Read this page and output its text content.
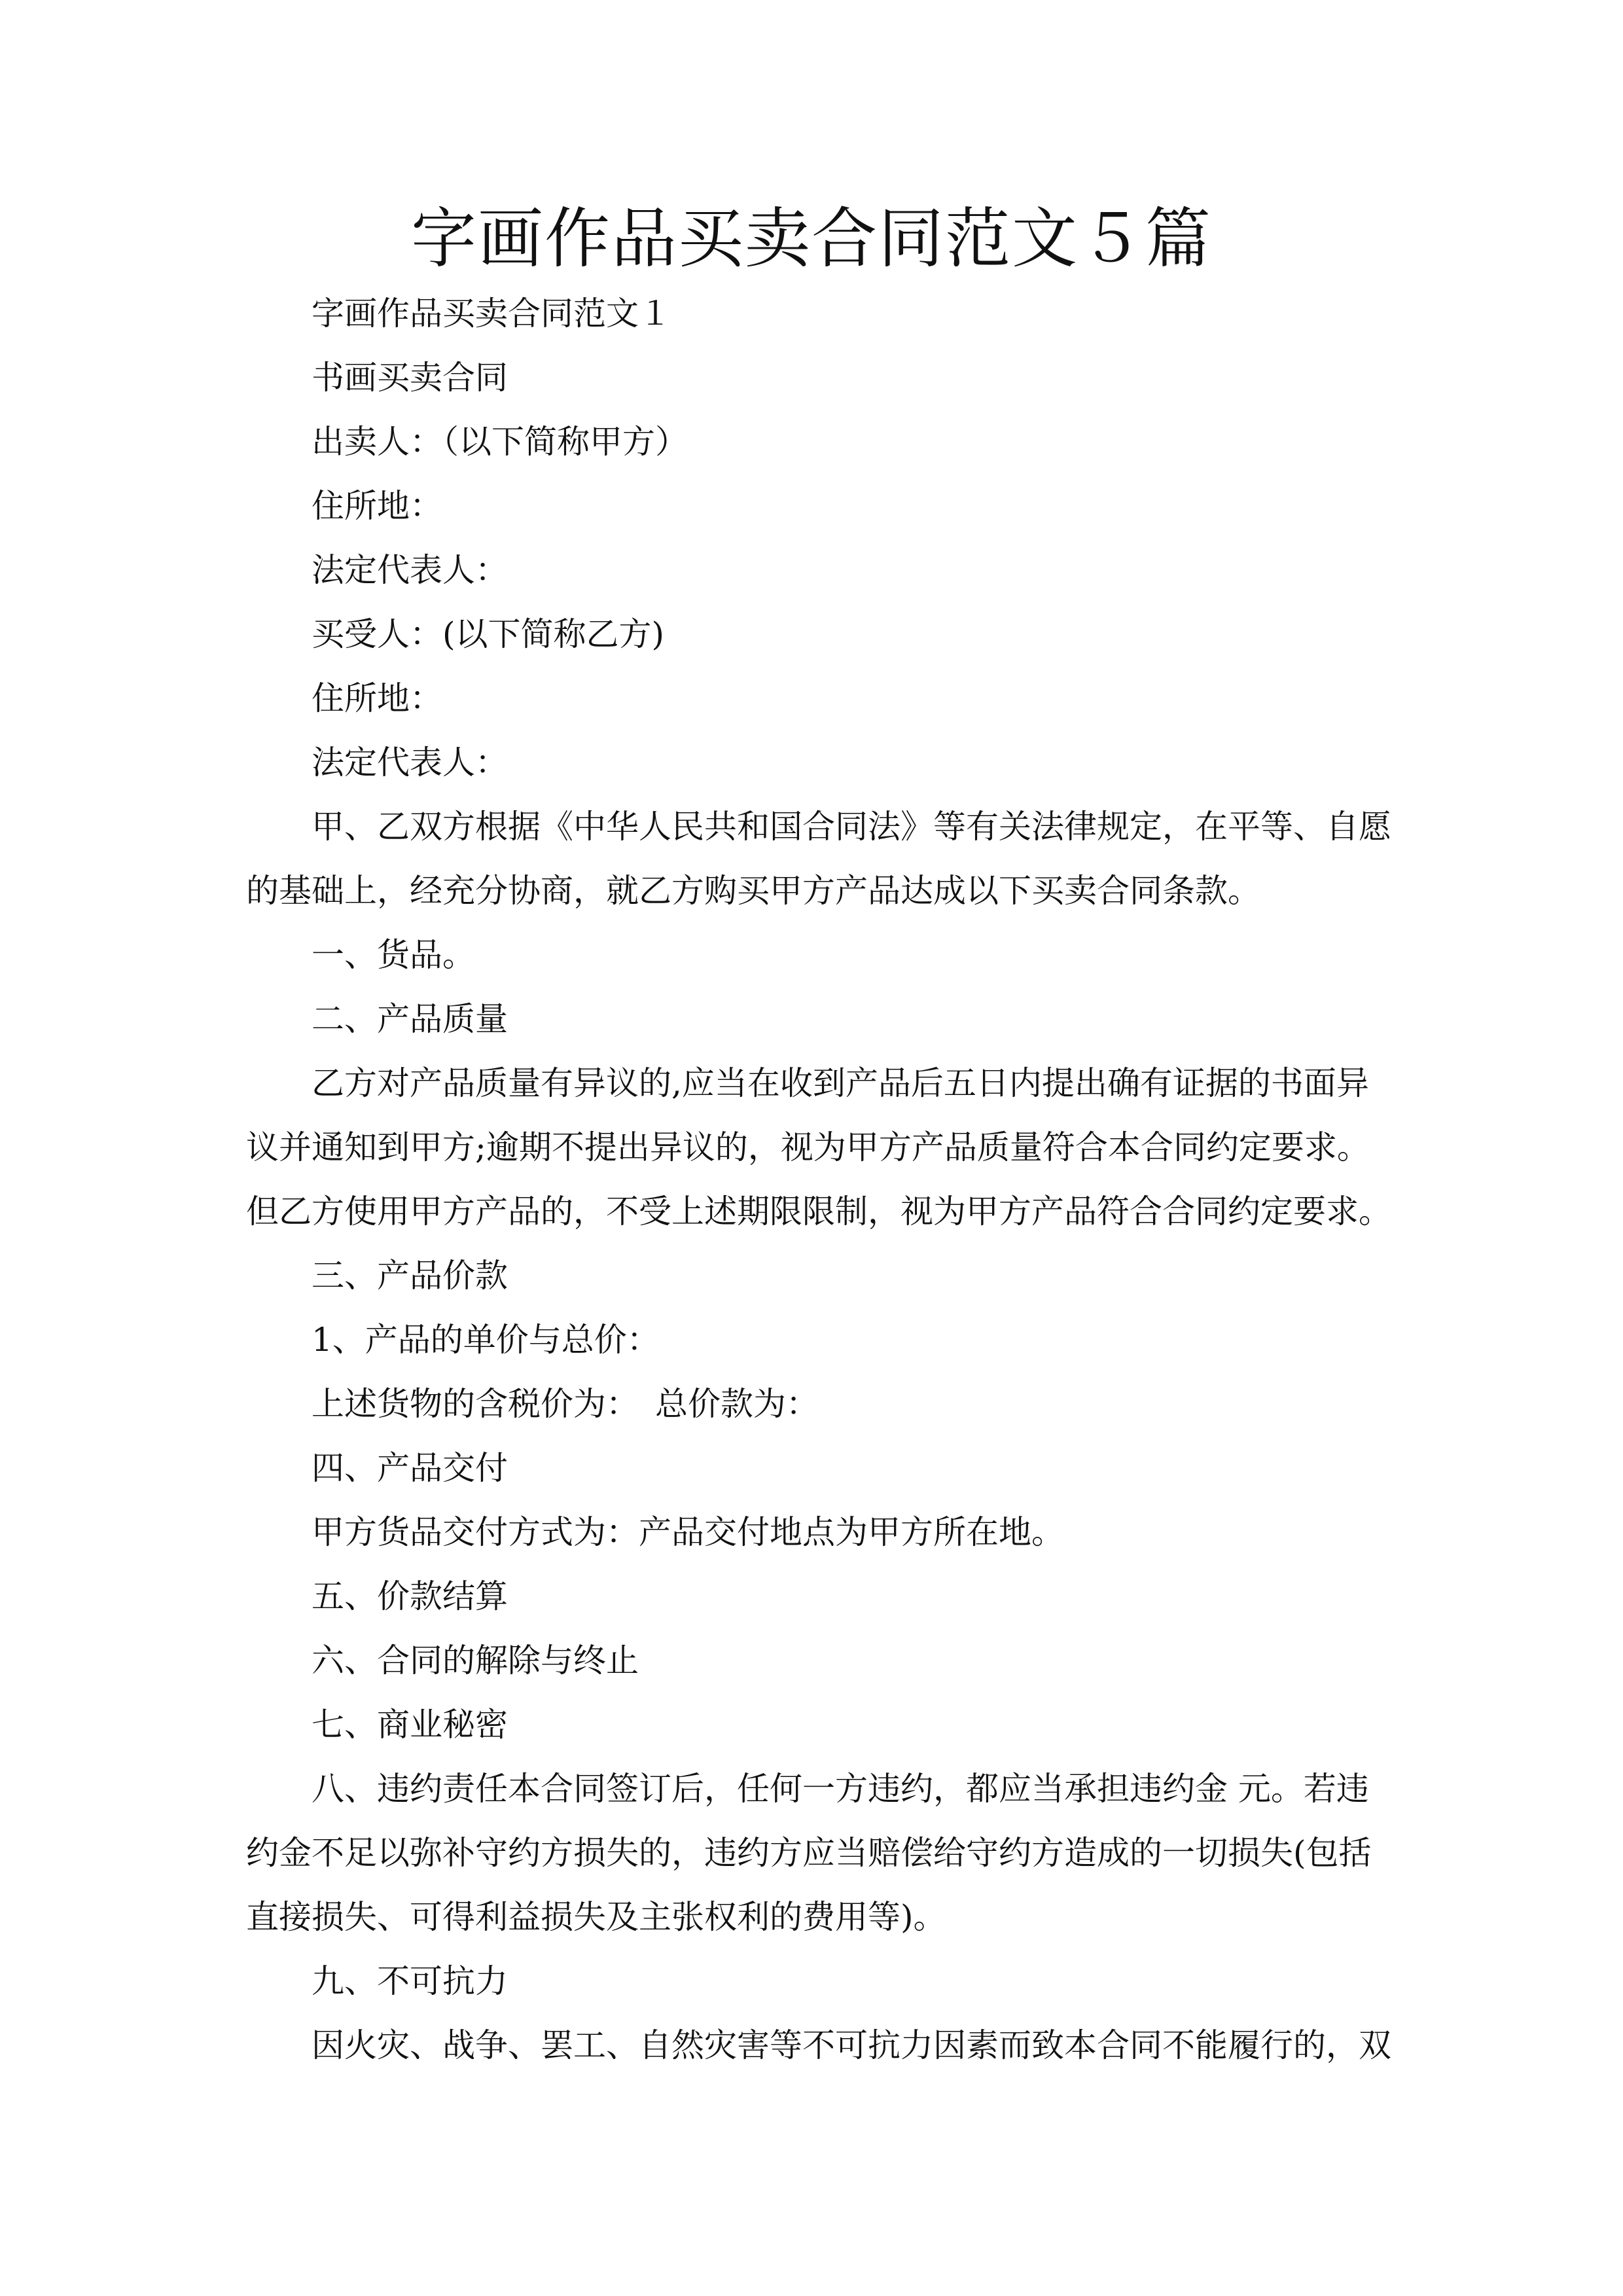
字画作品买卖合同范文５篇
字画作品买卖合同范文１
书画买卖合同
出卖人：（以下简称甲方）
住所地：
法定代表人：
买受人：(以下简称乙方)
住所地：
法定代表人：
甲、乙双方根据《中华人民共和国合同法》等有关法律规定，在平等、自愿
的基础上，经充分协商，就乙方购买甲方产品达成以下买卖合同条款。
一、货品。
二、产品质量
乙方对产品质量有异议的,应当在收到产品后五日内提出确有证据的书面异
议并通知到甲方;逾期不提出异议的，视为甲方产品质量符合本合同约定要求。
但乙方使用甲方产品的，不受上述期限限制，视为甲方产品符合合同约定要求。
三、产品价款
1、产品的单价与总价：
上述货物的含税价为：　总价款为：
四、产品交付
甲方货品交付方式为：产品交付地点为甲方所在地。
五、价款结算
六、合同的解除与终止
七、商业秘密
八、违约责任本合同签订后，任何一方违约，都应当承担违约金 元。若违
约金不足以弥补守约方损失的，违约方应当赔偿给守约方造成的一切损失(包括
直接损失、可得利益损失及主张权利的费用等)。
九、不可抗力
因火灾、战争、罢工、自然灾害等不可抗力因素而致本合同不能履行的，双
